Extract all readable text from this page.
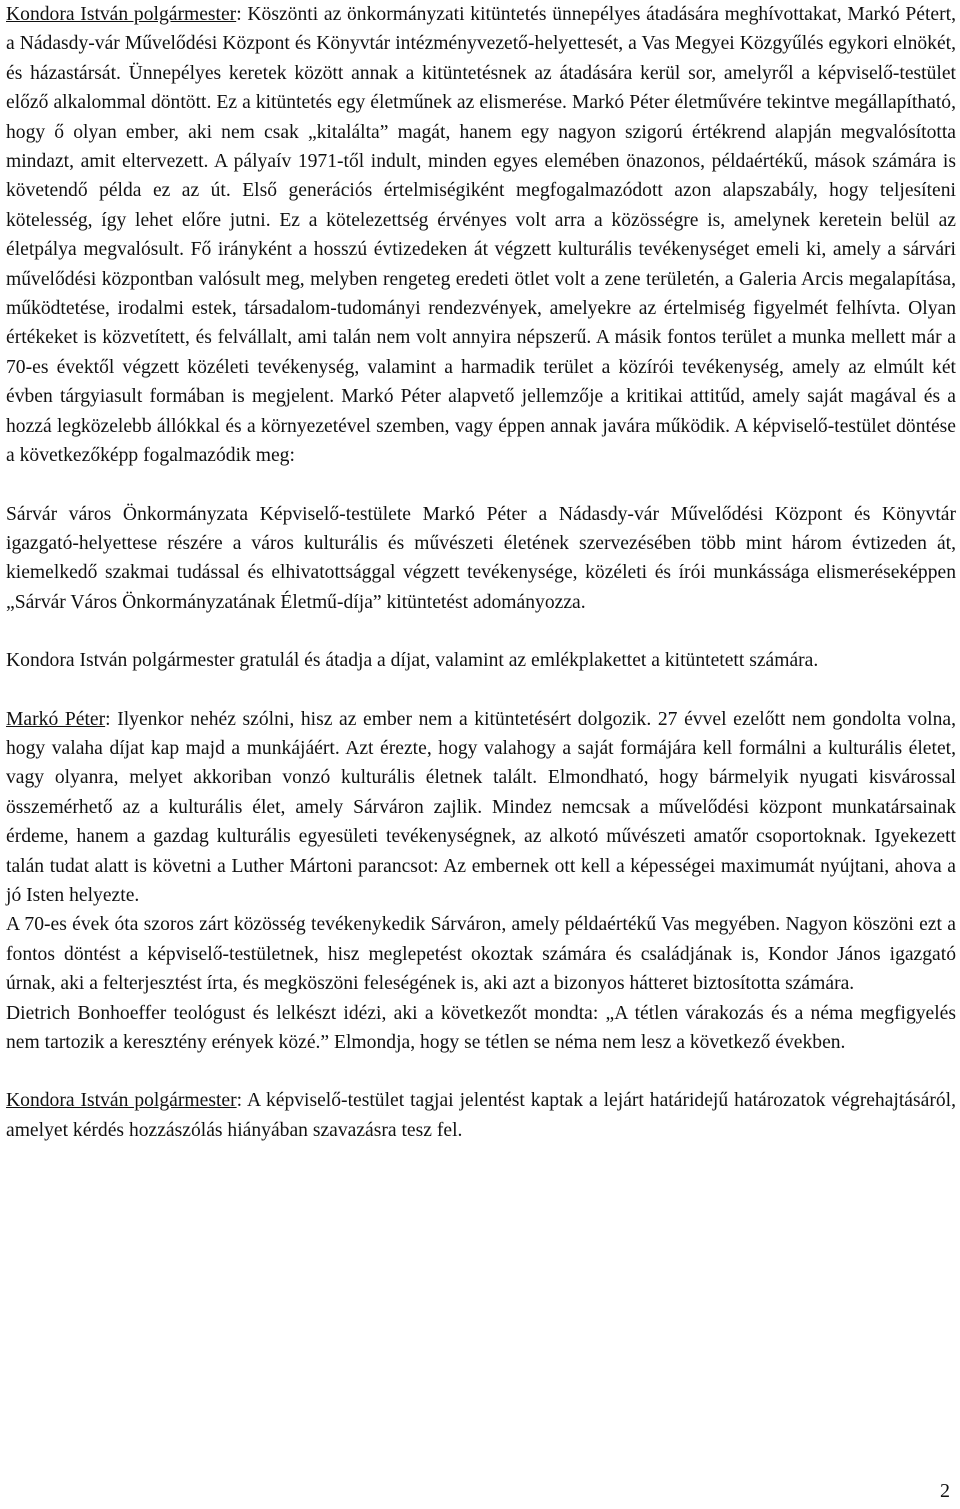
Kondora István polgármester: Köszönti az önkormányzati kitüntetés ünnepélyes átadására meghívottakat, Markó Pétert, a Nádasdy-vár Művelődési Központ és Könyvtár intézményvezető-helyettesét, a Vas Megyei Közgyűlés egykori elnökét, és házastársát. Ünnepélyes keretek között annak a kitüntetésnek az átadására kerül sor, amelyről a képviselő-testület előző alkalommal döntött. Ez a kitüntetés egy életműnek az elismerése. Markó Péter életművére tekintve megállapítható, hogy ő olyan ember, aki nem csak „kitalálta” magát, hanem egy nagyon szigorú értékrend alapján megvalósította mindazt, amit eltervezett. A pályaív 1971-től indult, minden egyes elemében önazonos, példaértékű, mások számára is követendő példa ez az út. Első generációs értelmiségiként megfogalmazódott azon alapszabály, hogy teljesíteni kötelesség, így lehet előre jutni. Ez a kötelezettség érvényes volt arra a közösségre is, amelynek keretein belül az életpálya megvalósult. Fő irányként a hosszú évtizedeken át végzett kulturális tevékenységet emeli ki, amely a sárvári művelődési központban valósult meg, melyben rengeteg eredeti ötlet volt a zene területén, a Galeria Arcis megalapítása, működtetése, irodalmi estek, társadalom-tudományi rendezvények, amelyekre az értelmiség figyelmét felhívta. Olyan értékeket is közvetített, és felvállalt, ami talán nem volt annyira népszerű. A másik fontos terület a munka mellett már a 70-es évektől végzett közéleti tevékenység, valamint a harmadik terület a közírói tevékenység, amely az elmúlt két évben tárgyiasult formában is megjelent. Markó Péter alapvető jellemzője a kritikai attitűd, amely saját magával és a hozzá legközelebb állókkal és a környezetével szemben, vagy éppen annak javára működik. A képviselő-testület döntése a következőképp fogalmazódik meg:

Sárvár város Önkormányzata Képviselő-testülete Markó Péter a Nádasdy-vár Művelődési Központ és Könyvtár igazgató-helyettese részére a város kulturális és művészeti életének szervezésében több mint három évtizeden át, kiemelkedő szakmai tudással és elhivatottsággal végzett tevékenysége, közéleti és írói munkássága elismeréseképpen „Sárvár Város Önkormányzatának Életmű-díja” kitüntetést adományozza.

Kondora István polgármester gratulál és átadja a díjat, valamint az emlékplakettet a kitüntetett számára.

Markó Péter: Ilyenkor nehéz szólni, hisz az ember nem a kitüntetésért dolgozik. 27 évvel ezelőtt nem gondolta volna, hogy valaha díjat kap majd a munkájáért. Azt érezte, hogy valahogy a saját formájára kell formálni a kulturális életet, vagy olyanra, melyet akkoriban vonzó kulturális életnek talált. Elmondható, hogy bármelyik nyugati kisvárossal összemérhető az a kulturális élet, amely Sárváron zajlik. Mindez nemcsak a művelődési központ munkatársainak érdeme, hanem a gazdag kulturális egyesületi tevékenységnek, az alkotó művészeti amatőr csoportoknak. Igyekezett talán tudat alatt is követni a Luther Mártoni parancsot: Az embernek ott kell a képességei maximumát nyújtani, ahova a jó Isten helyezte.

A 70-es évek óta szoros zárt közösség tevékenykedik Sárváron, amely példaértékű Vas megyében. Nagyon köszöni ezt a fontos döntést a képviselő-testületnek, hisz meglepetést okoztak számára és családjának is, Kondor János igazgató úrnak, aki a felterjesztést írta, és megköszöni feleségének is, aki azt a bizonyos hátteret biztosította számára.

Dietrich Bonhoeffer teológust és lelkészt idézi, aki a következőt mondta: „A tétlen várakozás és a néma megfigyelés nem tartozik a keresztény erények közé.” Elmondja, hogy se tétlen se néma nem lesz a következő években.

Kondora István polgármester: A képviselő-testület tagjai jelentést kaptak a lejárt határidejű határozatok végrehajtásáról, amelyet kérdés hozzászólás hiányában szavazásra tesz fel.

2
